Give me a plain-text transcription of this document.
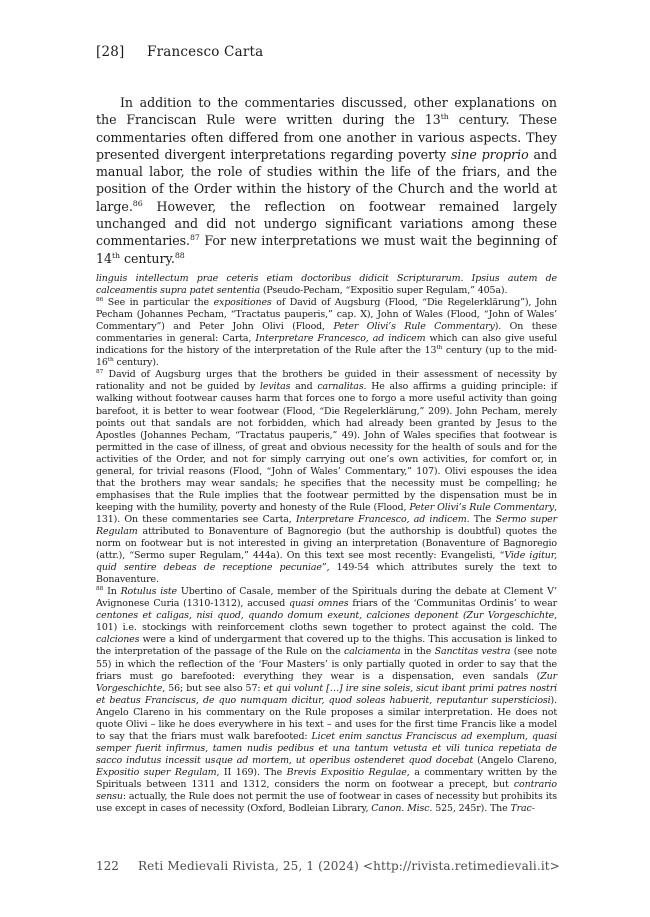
[28] Francesco Carta

In addition to the commentaries discussed, other explanations on the Franciscan Rule were written during the 13th century. These commentaries often differed from one another in various aspects. They presented divergent interpretations regarding poverty sine proprio and manual labor, the role of studies within the life of the friars, and the position of the Order within the history of the Church and the world at large.$^{86}$ However, the reflection on footwear remained largely unchanged and did not undergo significant variations among these commentaries.$^{87}$ For new interpretations we must wait the beginning of 14th century.$^{88}$

linguis intellectum prae ceteris etiam doctoribus didicit Scripturarum. Ipsius autem de calceamentis supra patet sententia (Pseudo-Pecham, “Expositio super Regulam,” 405a).

$^{86}$ See in particular the expositiones of David of Augsburg (Flood, “Die Regelerklärung”), John Pecham (Johannes Pecham, “Tractatus pauperis,” cap. X), John of Wales (Flood, “John of Wales’ Commentary”) and Peter John Olivi (Flood, Peter Olivi’s Rule Commentary). On these commentaries in general: Carta, Interpretare Francesco, ad indicem which can also give useful indications for the history of the interpretation of the Rule after the 13th century (up to the mid-16th century).

$^{87}$ David of Augsburg urges that the brothers be guided in their assessment of necessity by rationality and not be guided by levitas and carnalitas. He also affirms a guiding principle: if walking without footwear causes harm that forces one to forgo a more useful activity than going barefoot, it is better to wear footwear (Flood, “Die Regelerklärung,” 209). John Pecham, merely points out that sandals are not forbidden, which had already been granted by Jesus to the Apostles (Johannes Pecham, “Tractatus pauperis,” 49). John of Wales specifies that footwear is permitted in the case of illness, of great and obvious necessity for the health of souls and for the activities of the Order, and not for simply carrying out one’s own activities, for comfort or, in general, for trivial reasons (Flood, “John of Wales’ Commentary,” 107). Olivi espouses the idea that the brothers may wear sandals; he specifies that the necessity must be compelling; he emphasises that the Rule implies that the footwear permitted by the dispensation must be in keeping with the humility, poverty and honesty of the Rule (Flood, Peter Olivi’s Rule Commentary, 131). On these commentaries see Carta, Interpretare Francesco, ad indicem. The Sermo super Regulam attributed to Bonaventure of Bagnoregio (but the authorship is doubtful) quotes the norm on footwear but is not interested in giving an interpretation (Bonaventure of Bagnoregio (attr.), “Sermo super Regulam,” 444a). On this text see most recently: Evangelisti, “Vide igitur, quid sentire debeas de receptione pecuniae”, 149-54 which attributes surely the text to Bonaventure.

$^{88}$ In Rotulus iste Ubertino of Casale, member of the Spirituals during the debate at Clement V’ Avignonese Curia (1310-1312), accused quasi omnes friars of the ‘Communitas Ordinis’ to wear centones et caligas, nisi quod, quando domum exeunt, calciones deponent (Zur Vorgeschichte, 101) i.e. stockings with reinforcement cloths sewn together to protect against the cold. The calciones were a kind of undergarment that covered up to the thighs. This accusation is linked to the interpretation of the passage of the Rule on the calciamenta in the Sanctitas vestra (see note 55) in which the reflection of the ‘Four Masters’ is only partially quoted in order to say that the friars must go barefooted: everything they wear is a dispensation, even sandals (Zur Vorgeschichte, 56; but see also 57: et qui volunt […] ire sine soleis, sicut ibant primi patres nostri et beatus Franciscus, de quo numquam dicitur, quod soleas habuerit, reputantur supersticiosi). Angelo Clareno in his commentary on the Rule proposes a similar interpretation. He does not quote Olivi – like he does everywhere in his text – and uses for the first time Francis like a model to say that the friars must walk barefooted: Licet enim sanctus Franciscus ad exemplum, quasi semper fuerit infirmus, tamen nudis pedibus et una tantum vetusta et vili tunica repetiata de sacco indutus incessit usque ad mortem, ut operibus ostenderet quod docebat (Angelo Clareno, Expositio super Regulam, II 169). The Brevis Expositio Regulae, a commentary written by the Spirituals between 1311 and 1312, considers the norm on footwear a precept, but contrario sensu: actually, the Rule does not permit the use of footwear in cases of necessity but prohibits its use except in cases of necessity (Oxford, Bodleian Library, Canon. Misc. 525, 245r). The Trac-

122 Reti Medievali Rivista, 25, 1 (2024) <http://rivista.retimedievali.it>
